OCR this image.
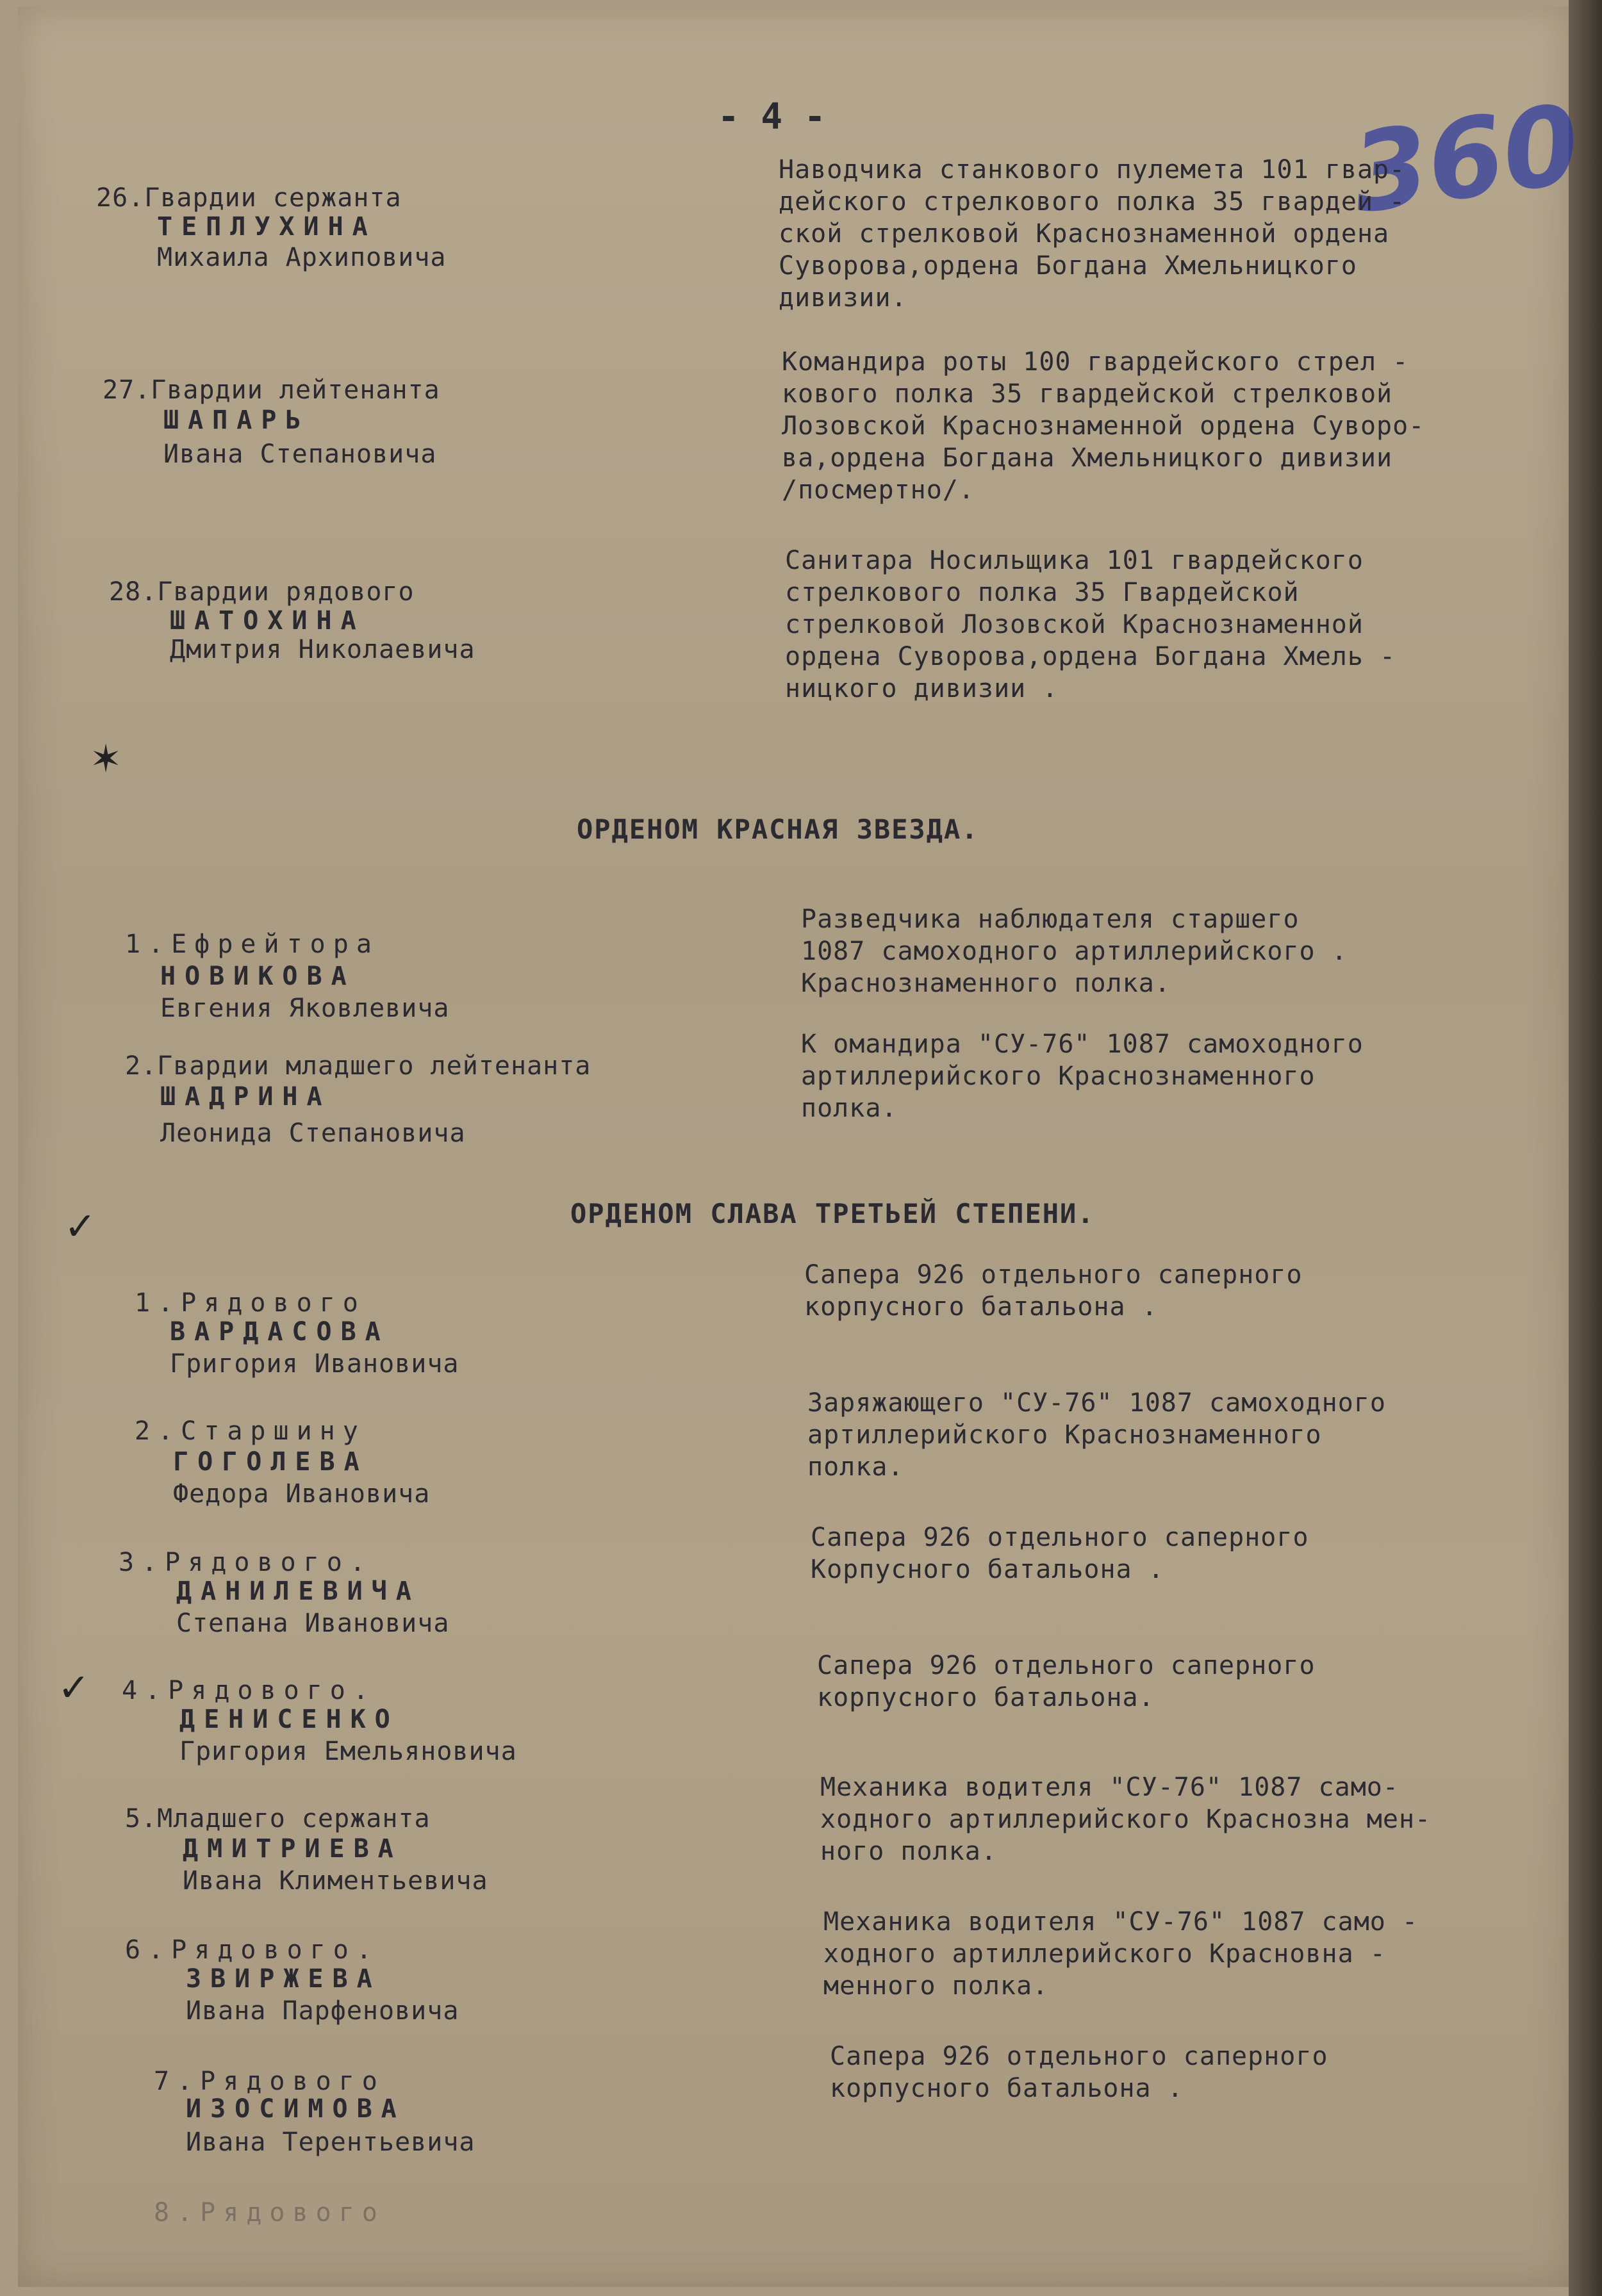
- 4 -	360
✶
✓
✓
26.Гвардии сержанта
ТЕПЛУХИНА
Михаила Архиповича
Наводчика станкового пулемета 101 гвар-
дейского стрелкового полка 35 гвардей -
ской стрелковой Краснознаменной ордена
Суворова,ордена Богдана Хмельницкого
дивизии.
27.Гвардии лейтенанта
ШАПАРЬ
Ивана Степановича
Командира роты 100 гвардейского стрел -
кового полка 35 гвардейской стрелковой
Лозовской Краснознаменной ордена Суворо-
ва,ордена Богдана Хмельницкого дивизии
/посмертно/.
28.Гвардии рядового
ШАТОХИНА
Дмитрия Николаевича
Санитара Носильщика 101 гвардейского
стрелкового полка 35 Гвардейской
стрелковой Лозовской Краснознаменной
ордена Суворова,ордена Богдана Хмель -
ницкого дивизии .
ОРДЕНОМ КРАСНАЯ ЗВЕЗДА.
1.Ефрейтора
НОВИКОВА
Евгения Яковлевича
Разведчика наблюдателя старшего
1087 самоходного артиллерийского .
Краснознаменного полка.
2.Гвардии младшего лейтенанта
ШАДРИНА
Леонида Степановича
К омандира "СУ-76" 1087 самоходного
артиллерийского Краснознаменного
полка.
ОРДЕНОМ СЛАВА ТРЕТЬЕЙ СТЕПЕНИ.
1.Рядового
ВАРДАСОВА
Григория Ивановича
Сапера 926 отдельного саперного
корпусного батальона .
2.Старшину
ГОГОЛЕВА
Федора Ивановича
Заряжающего "СУ-76" 1087 самоходного
артиллерийского Краснознаменного
полка.
3.Рядового.
ДАНИЛЕВИЧА
Степана Ивановича
Сапера 926 отдельного саперного
Корпусного батальона .
4.Рядового.
ДЕНИСЕНКО
Григория Емельяновича
Сапера 926 отдельного саперного
корпусного батальона.
5.Младшего сержанта
ДМИТРИЕВА
Ивана Климентьевича
Механика водителя "СУ-76" 1087 само-
ходного артиллерийского Краснозна мен-
ного полка.
6.Рядового.
ЗВИРЖЕВА
Ивана Парфеновича
Механика водителя "СУ-76" 1087 само -
ходного артиллерийского Красновна -
менного полка.
7.Рядового
ИЗОСИМОВА
Ивана Терентьевича
Сапера 926 отдельного саперного
корпусного батальона .
8.Рядового
